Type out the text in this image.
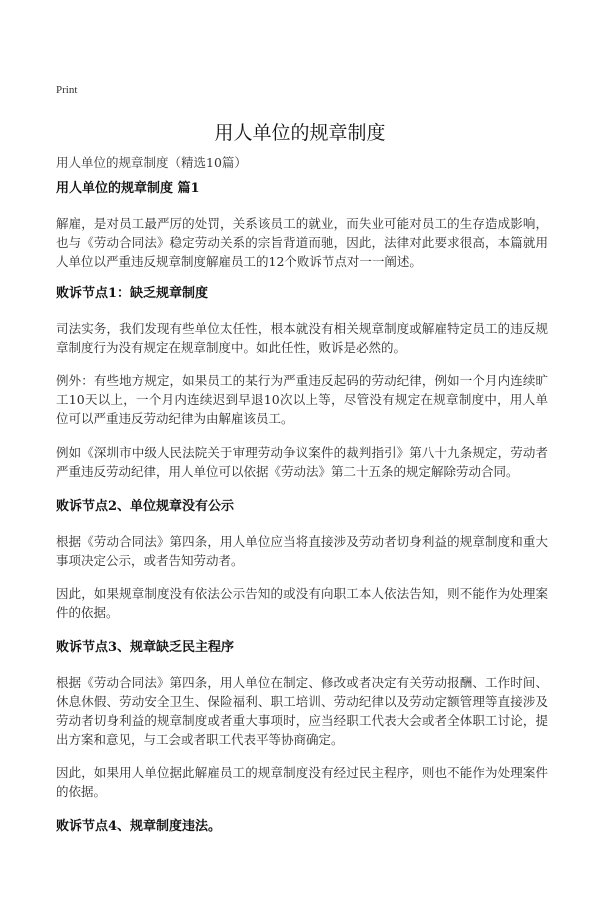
Print
用人单位的规章制度
用人单位的规章制度（精选10篇）
用人单位的规章制度 篇1

解雇，是对员工最严厉的处罚，关系该员工的就业，而失业可能对员工的生存造成影响，也与《劳动合同法》稳定劳动关系的宗旨背道而驰，因此，法律对此要求很高，本篇就用人单位以严重违反规章制度解雇员工的12个败诉节点对一一阐述。

败诉节点1：缺乏规章制度

司法实务，我们发现有些单位太任性，根本就没有相关规章制度或解雇特定员工的违反规章制度行为没有规定在规章制度中。如此任性，败诉是必然的。

例外：有些地方规定，如果员工的某行为严重违反起码的劳动纪律，例如一个月内连续旷工10天以上，一个月内连续迟到早退10次以上等，尽管没有规定在规章制度中，用人单位可以严重违反劳动纪律为由解雇该员工。

例如《深圳市中级人民法院关于审理劳动争议案件的裁判指引》第八十九条规定，劳动者严重违反劳动纪律，用人单位可以依据《劳动法》第二十五条的规定解除劳动合同。

败诉节点2、单位规章没有公示

根据《劳动合同法》第四条，用人单位应当将直接涉及劳动者切身利益的规章制度和重大事项决定公示，或者告知劳动者。

因此，如果规章制度没有依法公示告知的或没有向职工本人依法告知，则不能作为处理案件的依据。

败诉节点3、规章缺乏民主程序

根据《劳动合同法》第四条，用人单位在制定、修改或者决定有关劳动报酬、工作时间、休息休假、劳动安全卫生、保险福利、职工培训、劳动纪律以及劳动定额管理等直接涉及劳动者切身利益的规章制度或者重大事项时，应当经职工代表大会或者全体职工讨论，提出方案和意见，与工会或者职工代表平等协商确定。

因此，如果用人单位据此解雇员工的规章制度没有经过民主程序，则也不能作为处理案件的依据。

败诉节点4、规章制度违法。
